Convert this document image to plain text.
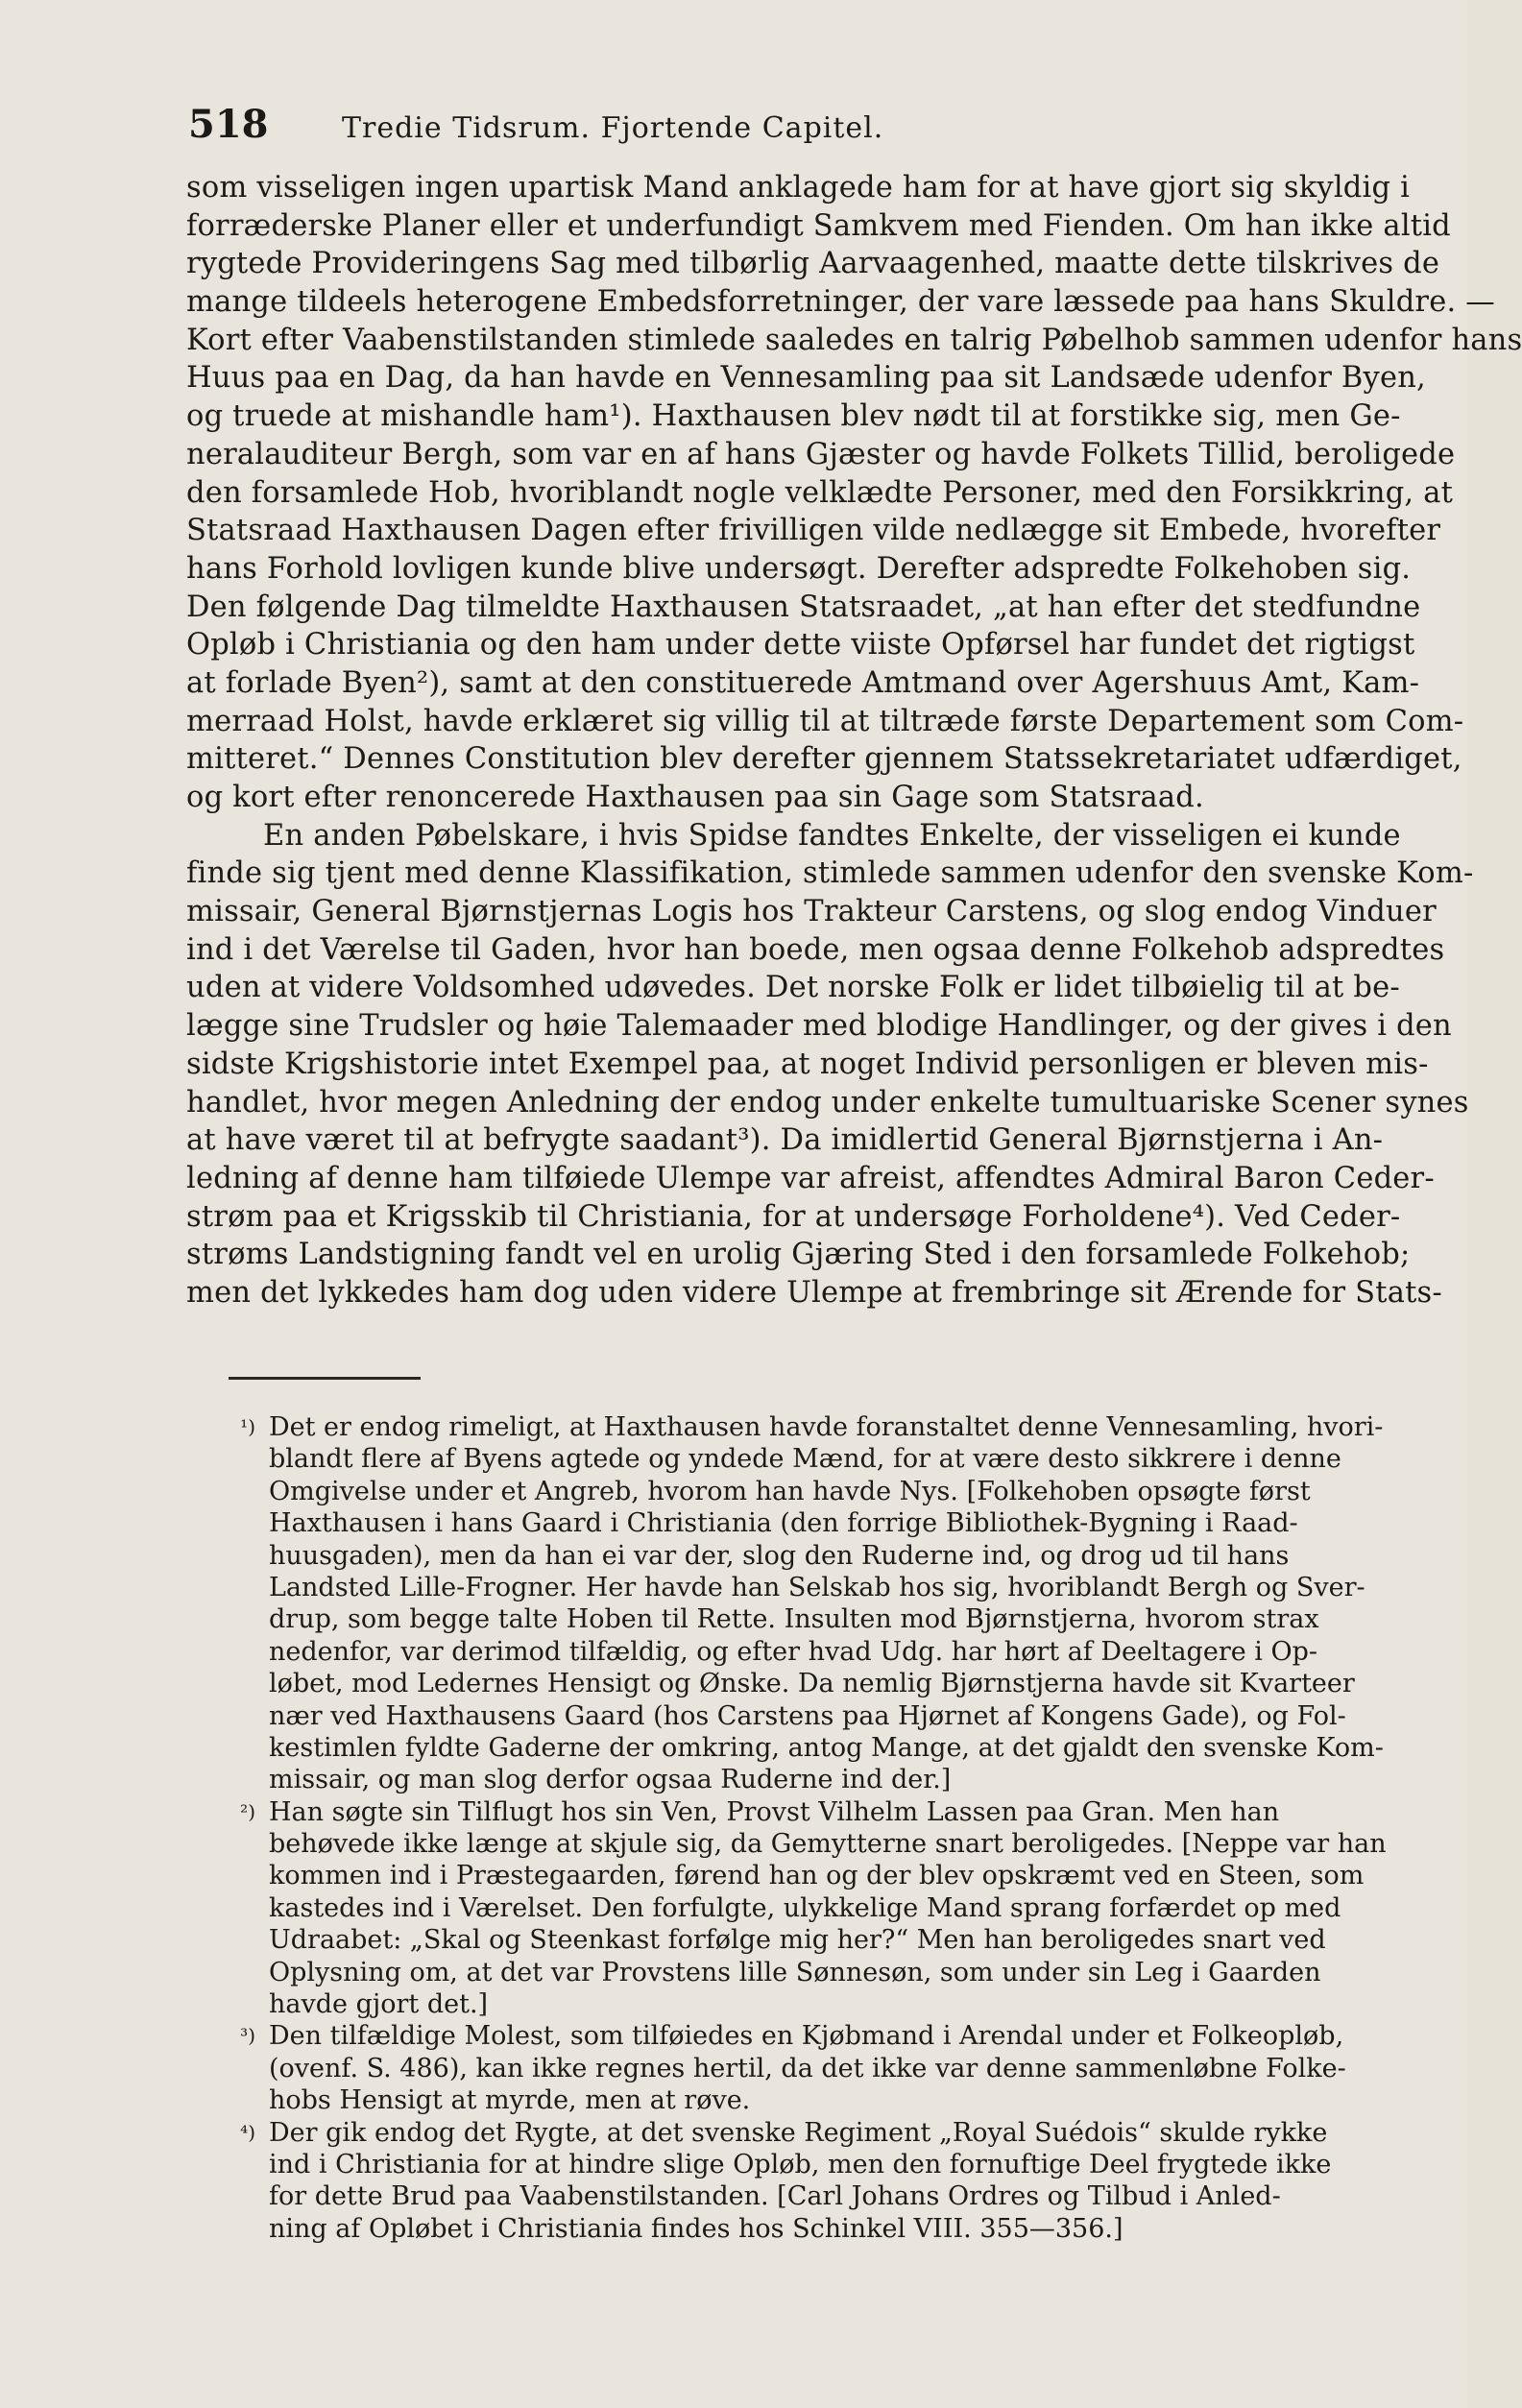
518	Tredie Tidsrum. Fjortende Capitel.
som visseligen ingen upartisk Mand anklagede ham for at have gjort sig skyldig i
forræderske Planer eller et underfundigt Samkvem med Fienden. Om han ikke altid
rygtede Provideringens Sag med tilbørlig Aarvaagenhed, maatte dette tilskrives de
mange tildeels heterogene Embedsforretninger, der vare læssede paa hans Skuldre. —
Kort efter Vaabenstilstanden stimlede saaledes en talrig Pøbelhob sammen udenfor hans
Huus paa en Dag, da han havde en Vennesamling paa sit Landsæde udenfor Byen,
og truede at mishandle ham¹). Haxthausen blev nødt til at forstikke sig, men Ge-
neralauditeur Bergh, som var en af hans Gjæster og havde Folkets Tillid, beroligede
den forsamlede Hob, hvoriblandt nogle velklædte Personer, med den Forsikkring, at
Statsraad Haxthausen Dagen efter frivilligen vilde nedlægge sit Embede, hvorefter
hans Forhold lovligen kunde blive undersøgt. Derefter adspredte Folkehoben sig.
Den følgende Dag tilmeldte Haxthausen Statsraadet, „at han efter det stedfundne
Opløb i Christiania og den ham under dette viiste Opførsel har fundet det rigtigst
at forlade Byen²), samt at den constituerede Amtmand over Agershuus Amt, Kam-
merraad Holst, havde erklæret sig villig til at tiltræde første Departement som Com-
mitteret.“ Dennes Constitution blev derefter gjennem Statssekretariatet udfærdiget,
og kort efter renoncerede Haxthausen paa sin Gage som Statsraad.
En anden Pøbelskare, i hvis Spidse fandtes Enkelte, der visseligen ei kunde
finde sig tjent med denne Klassifikation, stimlede sammen udenfor den svenske Kom-
missair, General Bjørnstjernas Logis hos Trakteur Carstens, og slog endog Vinduer
ind i det Værelse til Gaden, hvor han boede, men ogsaa denne Folkehob adspredtes
uden at videre Voldsomhed udøvedes. Det norske Folk er lidet tilbøielig til at be-
lægge sine Trudsler og høie Talemaader med blodige Handlinger, og der gives i den
sidste Krigshistorie intet Exempel paa, at noget Individ personligen er bleven mis-
handlet, hvor megen Anledning der endog under enkelte tumultuariske Scener synes
at have været til at befrygte saadant³). Da imidlertid General Bjørnstjerna i An-
ledning af denne ham tilføiede Ulempe var afreist, affendtes Admiral Baron Ceder-
strøm paa et Krigsskib til Christiania, for at undersøge Forholdene⁴). Ved Ceder-
strøms Landstigning fandt vel en urolig Gjæring Sted i den forsamlede Folkehob;
men det lykkedes ham dog uden videre Ulempe at frembringe sit Ærende for Stats-
¹) Det er endog rimeligt, at Haxthausen havde foranstaltet denne Vennesamling, hvori-
blandt flere af Byens agtede og yndede Mænd, for at være desto sikkrere i denne
Omgivelse under et Angreb, hvorom han havde Nys. [Folkehoben opsøgte først
Haxthausen i hans Gaard i Christiania (den forrige Bibliothek-Bygning i Raad-
huusgaden), men da han ei var der, slog den Ruderne ind, og drog ud til hans
Landsted Lille-Frogner. Her havde han Selskab hos sig, hvoriblandt Bergh og Sver-
drup, som begge talte Hoben til Rette. Insulten mod Bjørnstjerna, hvorom strax
nedenfor, var derimod tilfældig, og efter hvad Udg. har hørt af Deeltagere i Op-
løbet, mod Ledernes Hensigt og Ønske. Da nemlig Bjørnstjerna havde sit Kvarteer
nær ved Haxthausens Gaard (hos Carstens paa Hjørnet af Kongens Gade), og Fol-
kestimlen fyldte Gaderne der omkring, antog Mange, at det gjaldt den svenske Kom-
missair, og man slog derfor ogsaa Ruderne ind der.]
²) Han søgte sin Tilflugt hos sin Ven, Provst Vilhelm Lassen paa Gran. Men han
behøvede ikke længe at skjule sig, da Gemytterne snart beroligedes. [Neppe var han
kommen ind i Præstegaarden, førend han og der blev opskræmt ved en Steen, som
kastedes ind i Værelset. Den forfulgte, ulykkelige Mand sprang forfærdet op med
Udraabet: „Skal og Steenkast forfølge mig her?“ Men han beroligedes snart ved
Oplysning om, at det var Provstens lille Sønnesøn, som under sin Leg i Gaarden
havde gjort det.]
³) Den tilfældige Molest, som tilføiedes en Kjøbmand i Arendal under et Folkeopløb,
(ovenf. S. 486), kan ikke regnes hertil, da det ikke var denne sammenløbne Folke-
hobs Hensigt at myrde, men at røve.
⁴) Der gik endog det Rygte, at det svenske Regiment „Royal Suédois“ skulde rykke
ind i Christiania for at hindre slige Opløb, men den fornuftige Deel frygtede ikke
for dette Brud paa Vaabenstilstanden. [Carl Johans Ordres og Tilbud i Anled-
ning af Opløbet i Christiania findes hos Schinkel VIII. 355—356.]
